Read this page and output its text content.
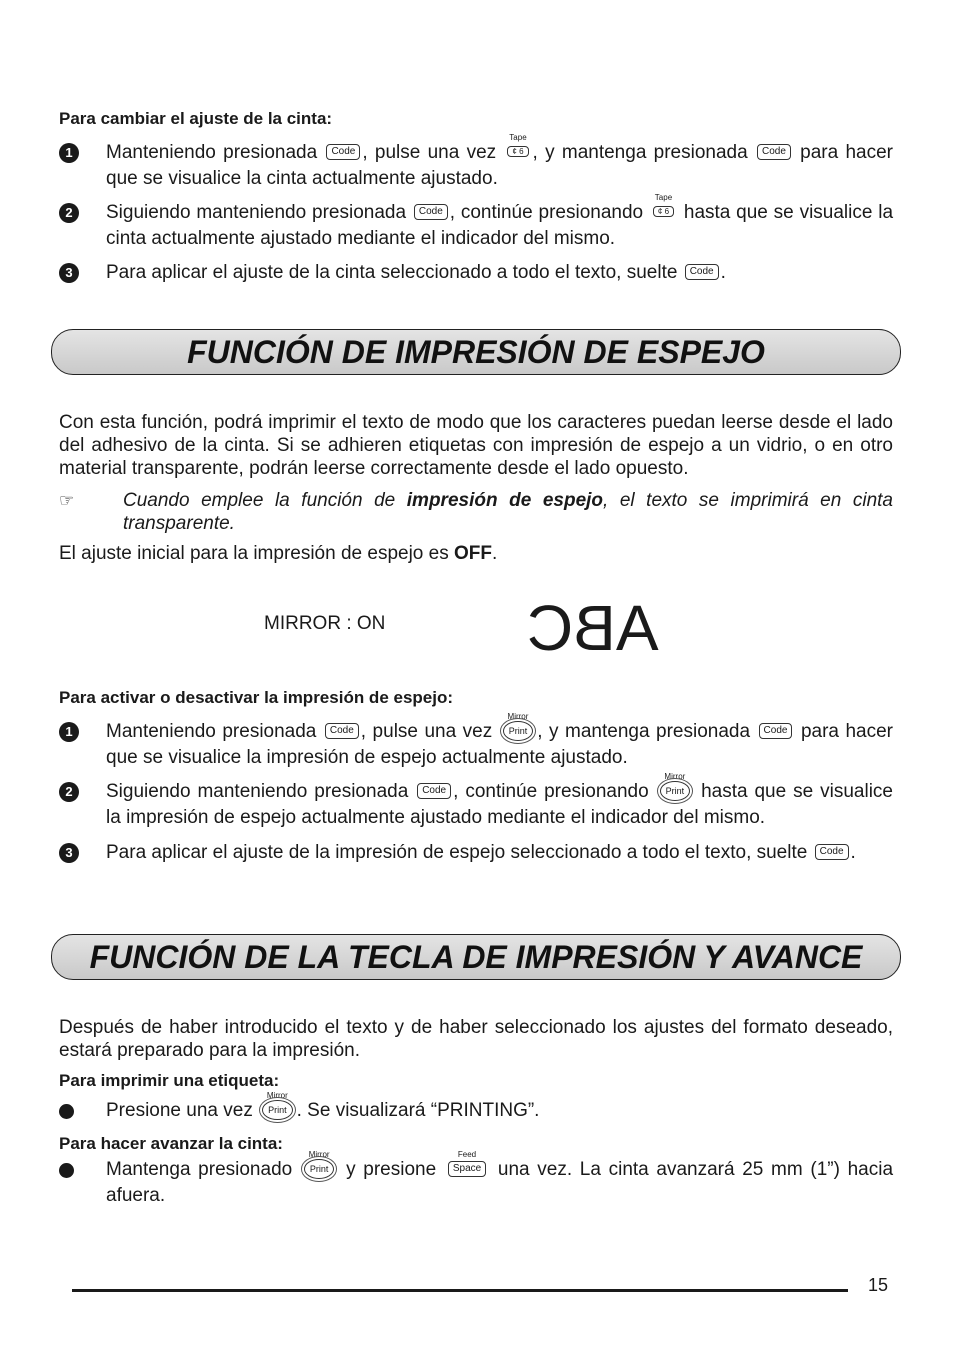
Para cambiar el ajuste de la cinta:
1	Manteniendo presionada Code , pulse una vez
Tape
¢ 6 , y mantenga presionada Code para hacer que se visualice la cinta actualmente ajustado.
2	Siguiendo manteniendo presionada Code , continúe presionando
Tape
¢ 6 hasta que se visualice la cinta actualmente ajustado mediante el indicador del mismo.
3	Para aplicar el ajuste de la cinta seleccionado a todo el texto, suelte Code .
FUNCIÓN DE IMPRESIÓN DE ESPEJO
Con esta función, podrá imprimir el texto de modo que los caracteres puedan leerse desde el lado del adhesivo de la cinta. Si se adhieren etiquetas con impresión de espejo a un vidrio, o en otro material transparente, podrán leerse correctamente desde el lado opuesto.
☞	Cuando emplee la función de impresión de espejo, el texto se imprimirá en cinta transparente.
El ajuste inicial para la impresión de espejo es OFF.
MIRROR : ON ABC
Para activar o desactivar la impresión de espejo:
1	Manteniendo presionada Code , pulse una vez
Mirror
Print , y mantenga presionada Code para hacer que se visualice la impresión de espejo actualmente ajustado.
2	Siguiendo manteniendo presionada Code , continúe presionando
Mirror
Print hasta que se visualice la impresión de espejo actualmente ajustado mediante el indicador del mismo.
3	Para aplicar el ajuste de la impresión de espejo seleccionado a todo el texto, suelte Code .
FUNCIÓN DE LA TECLA DE IMPRESIÓN Y AVANCE
Después de haber introducido el texto y de haber seleccionado los ajustes del formato deseado, estará preparado para la impresión.
Para imprimir una etiqueta:
Presione una vez
Mirror
Print . Se visualizará “PRINTING”.
Para hacer avanzar la cinta:
Mantenga presionado
Mirror
Print y presione
Feed
Space una vez. La cinta avanzará 25 mm (1”) hacia afuera.
15
